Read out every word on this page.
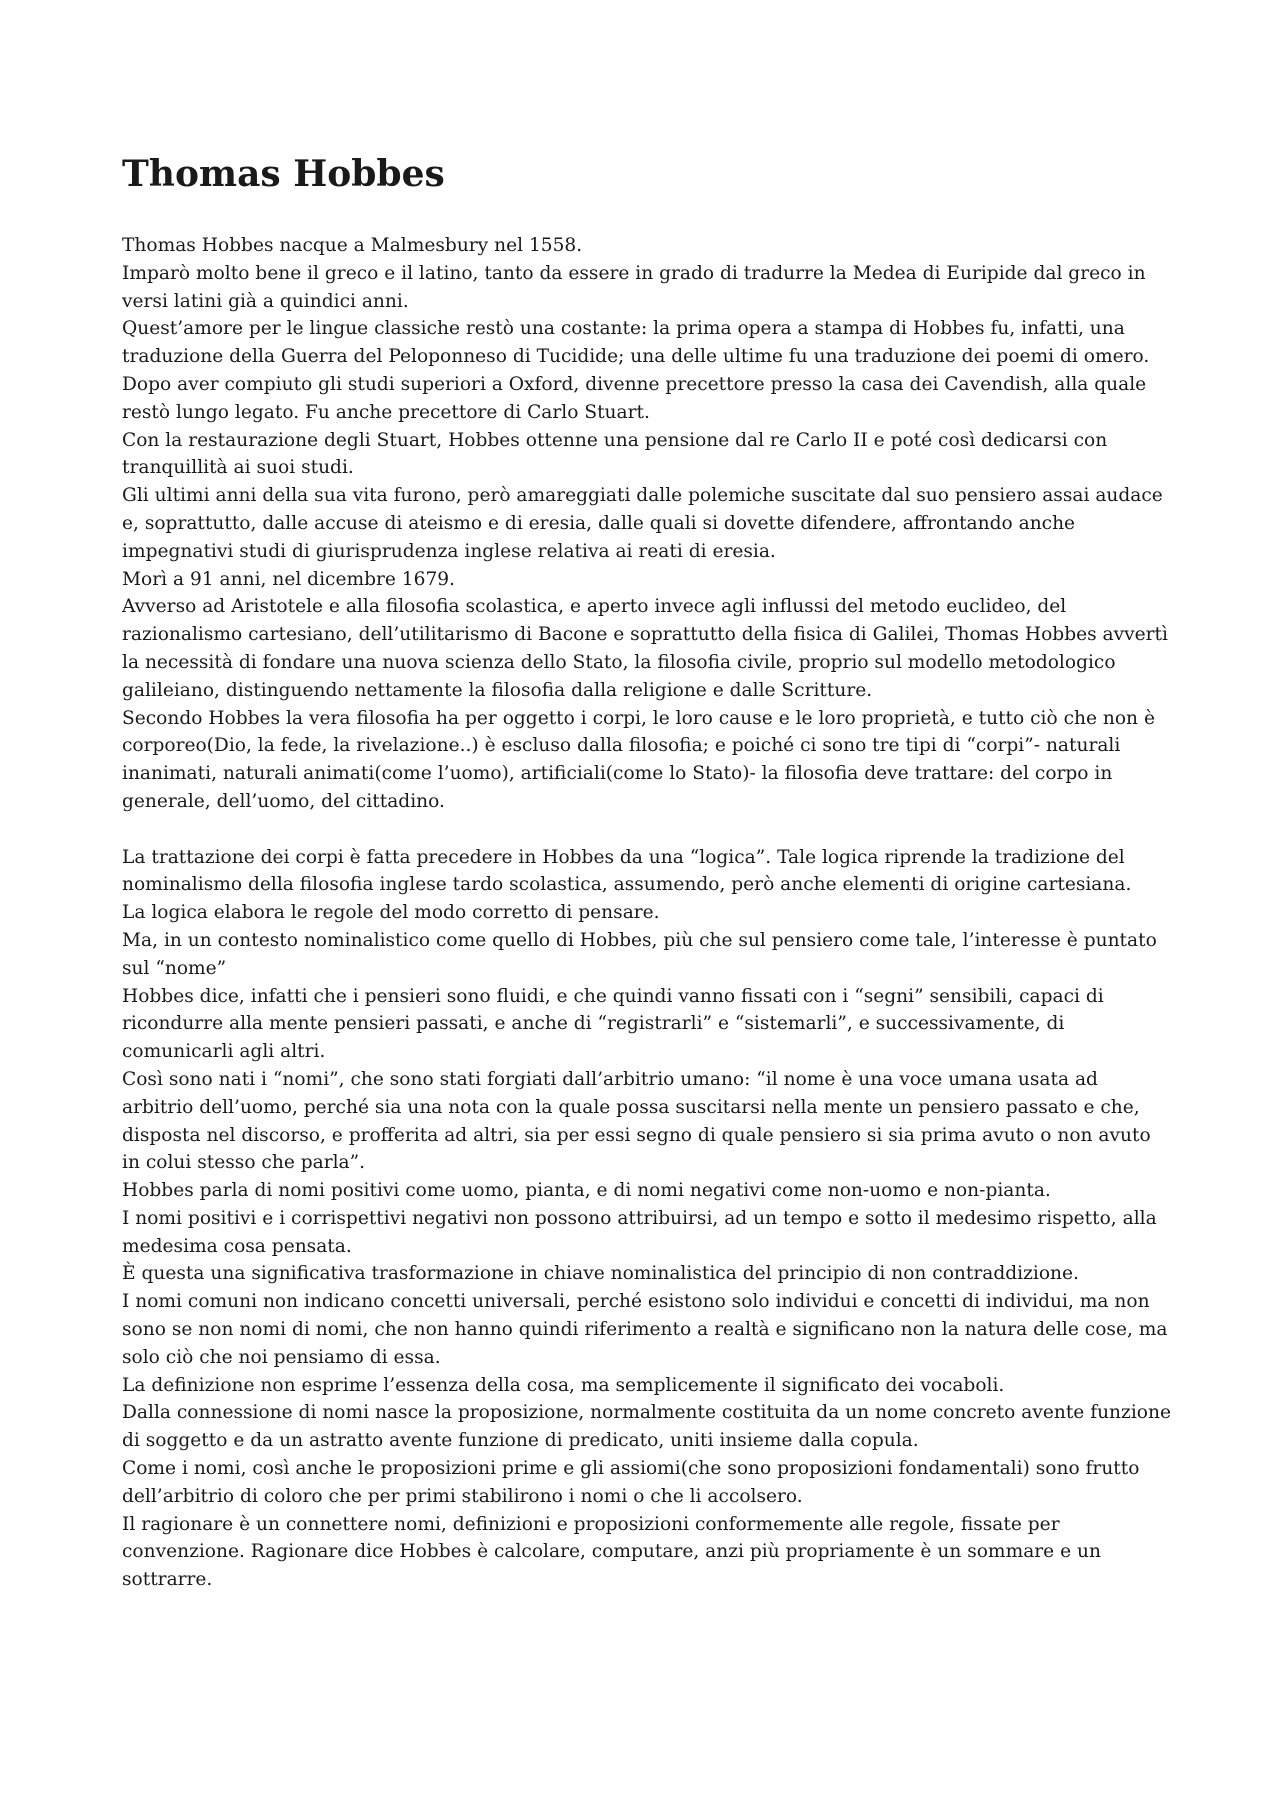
Thomas Hobbes

Thomas Hobbes nacque a Malmesbury nel 1558.

Imparò molto bene il greco e il latino, tanto da essere in grado di tradurre la Medea di Euripide dal greco in versi latini già a quindici anni.

Quest’amore per le lingue classiche restò una costante: la prima opera a stampa di Hobbes fu, infatti, una traduzione della Guerra del Peloponneso di Tucidide; una delle ultime fu una traduzione dei poemi di omero.

Dopo aver compiuto gli studi superiori a Oxford, divenne precettore presso la casa dei Cavendish, alla quale restò lungo legato. Fu anche precettore di Carlo Stuart.

Con la restaurazione degli Stuart, Hobbes ottenne una pensione dal re Carlo II e poté così dedicarsi con tranquillità ai suoi studi.

Gli ultimi anni della sua vita furono, però amareggiati dalle polemiche suscitate dal suo pensiero assai audace e, soprattutto, dalle accuse di ateismo e di eresia, dalle quali si dovette difendere, affrontando anche impegnativi studi di giurisprudenza inglese relativa ai reati di eresia.

Morì a 91 anni, nel dicembre 1679.

Avverso ad Aristotele e alla filosofia scolastica, e aperto invece agli influssi del metodo euclideo, del razionalismo cartesiano, dell’utilitarismo di Bacone e soprattutto della fisica di Galilei, Thomas Hobbes avvertì la necessità di fondare una nuova scienza dello Stato, la filosofia civile, proprio sul modello metodologico galileiano, distinguendo nettamente la filosofia dalla religione e dalle Scritture.

Secondo Hobbes la vera filosofia ha per oggetto i corpi, le loro cause e le loro proprietà, e tutto ciò che non è corporeo(Dio, la fede, la rivelazione..) è escluso dalla filosofia; e poiché ci sono tre tipi di “corpi”- naturali inanimati, naturali animati(come l’uomo), artificiali(come lo Stato)- la filosofia deve trattare: del corpo in generale, dell’uomo, del cittadino.

La trattazione dei corpi è fatta precedere in Hobbes da una “logica”. Tale logica riprende la tradizione del nominalismo della filosofia inglese tardo scolastica, assumendo, però anche elementi di origine cartesiana.

La logica elabora le regole del modo corretto di pensare.

Ma, in un contesto nominalistico come quello di Hobbes, più che sul pensiero come tale, l’interesse è puntato sul “nome”

Hobbes dice, infatti che i pensieri sono fluidi, e che quindi vanno fissati con i “segni” sensibili, capaci di ricondurre alla mente pensieri passati, e anche di “registrarli” e “sistemarli”, e successivamente, di comunicarli agli altri.

Così sono nati i “nomi”, che sono stati forgiati dall’arbitrio umano: “il nome è una voce umana usata ad arbitrio dell’uomo, perché sia una nota con la quale possa suscitarsi nella mente un pensiero passato e che, disposta nel discorso, e profferita ad altri, sia per essi segno di quale pensiero si sia prima avuto o non avuto in colui stesso che parla”.

Hobbes parla di nomi positivi come uomo, pianta, e di nomi negativi come non-uomo e non-pianta.

I nomi positivi e i corrispettivi negativi non possono attribuirsi, ad un tempo e sotto il medesimo rispetto, alla medesima cosa pensata.

È questa una significativa trasformazione in chiave nominalistica del principio di non contraddizione.

I nomi comuni non indicano concetti universali, perché esistono solo individui e concetti di individui, ma non sono se non nomi di nomi, che non hanno quindi riferimento a realtà e significano non la natura delle cose, ma solo ciò che noi pensiamo di essa.

La definizione non esprime l’essenza della cosa, ma semplicemente il significato dei vocaboli.

Dalla connessione di nomi nasce la proposizione, normalmente costituita da un nome concreto avente funzione di soggetto e da un astratto avente funzione di predicato, uniti insieme dalla copula.

Come i nomi, così anche le proposizioni prime e gli assiomi(che sono proposizioni fondamentali) sono frutto dell’arbitrio di coloro che per primi stabilirono i nomi o che li accolsero.

Il ragionare è un connettere nomi, definizioni e proposizioni conformemente alle regole, fissate per convenzione. Ragionare dice Hobbes è calcolare, computare, anzi più propriamente è un sommare e un sottrarre.
